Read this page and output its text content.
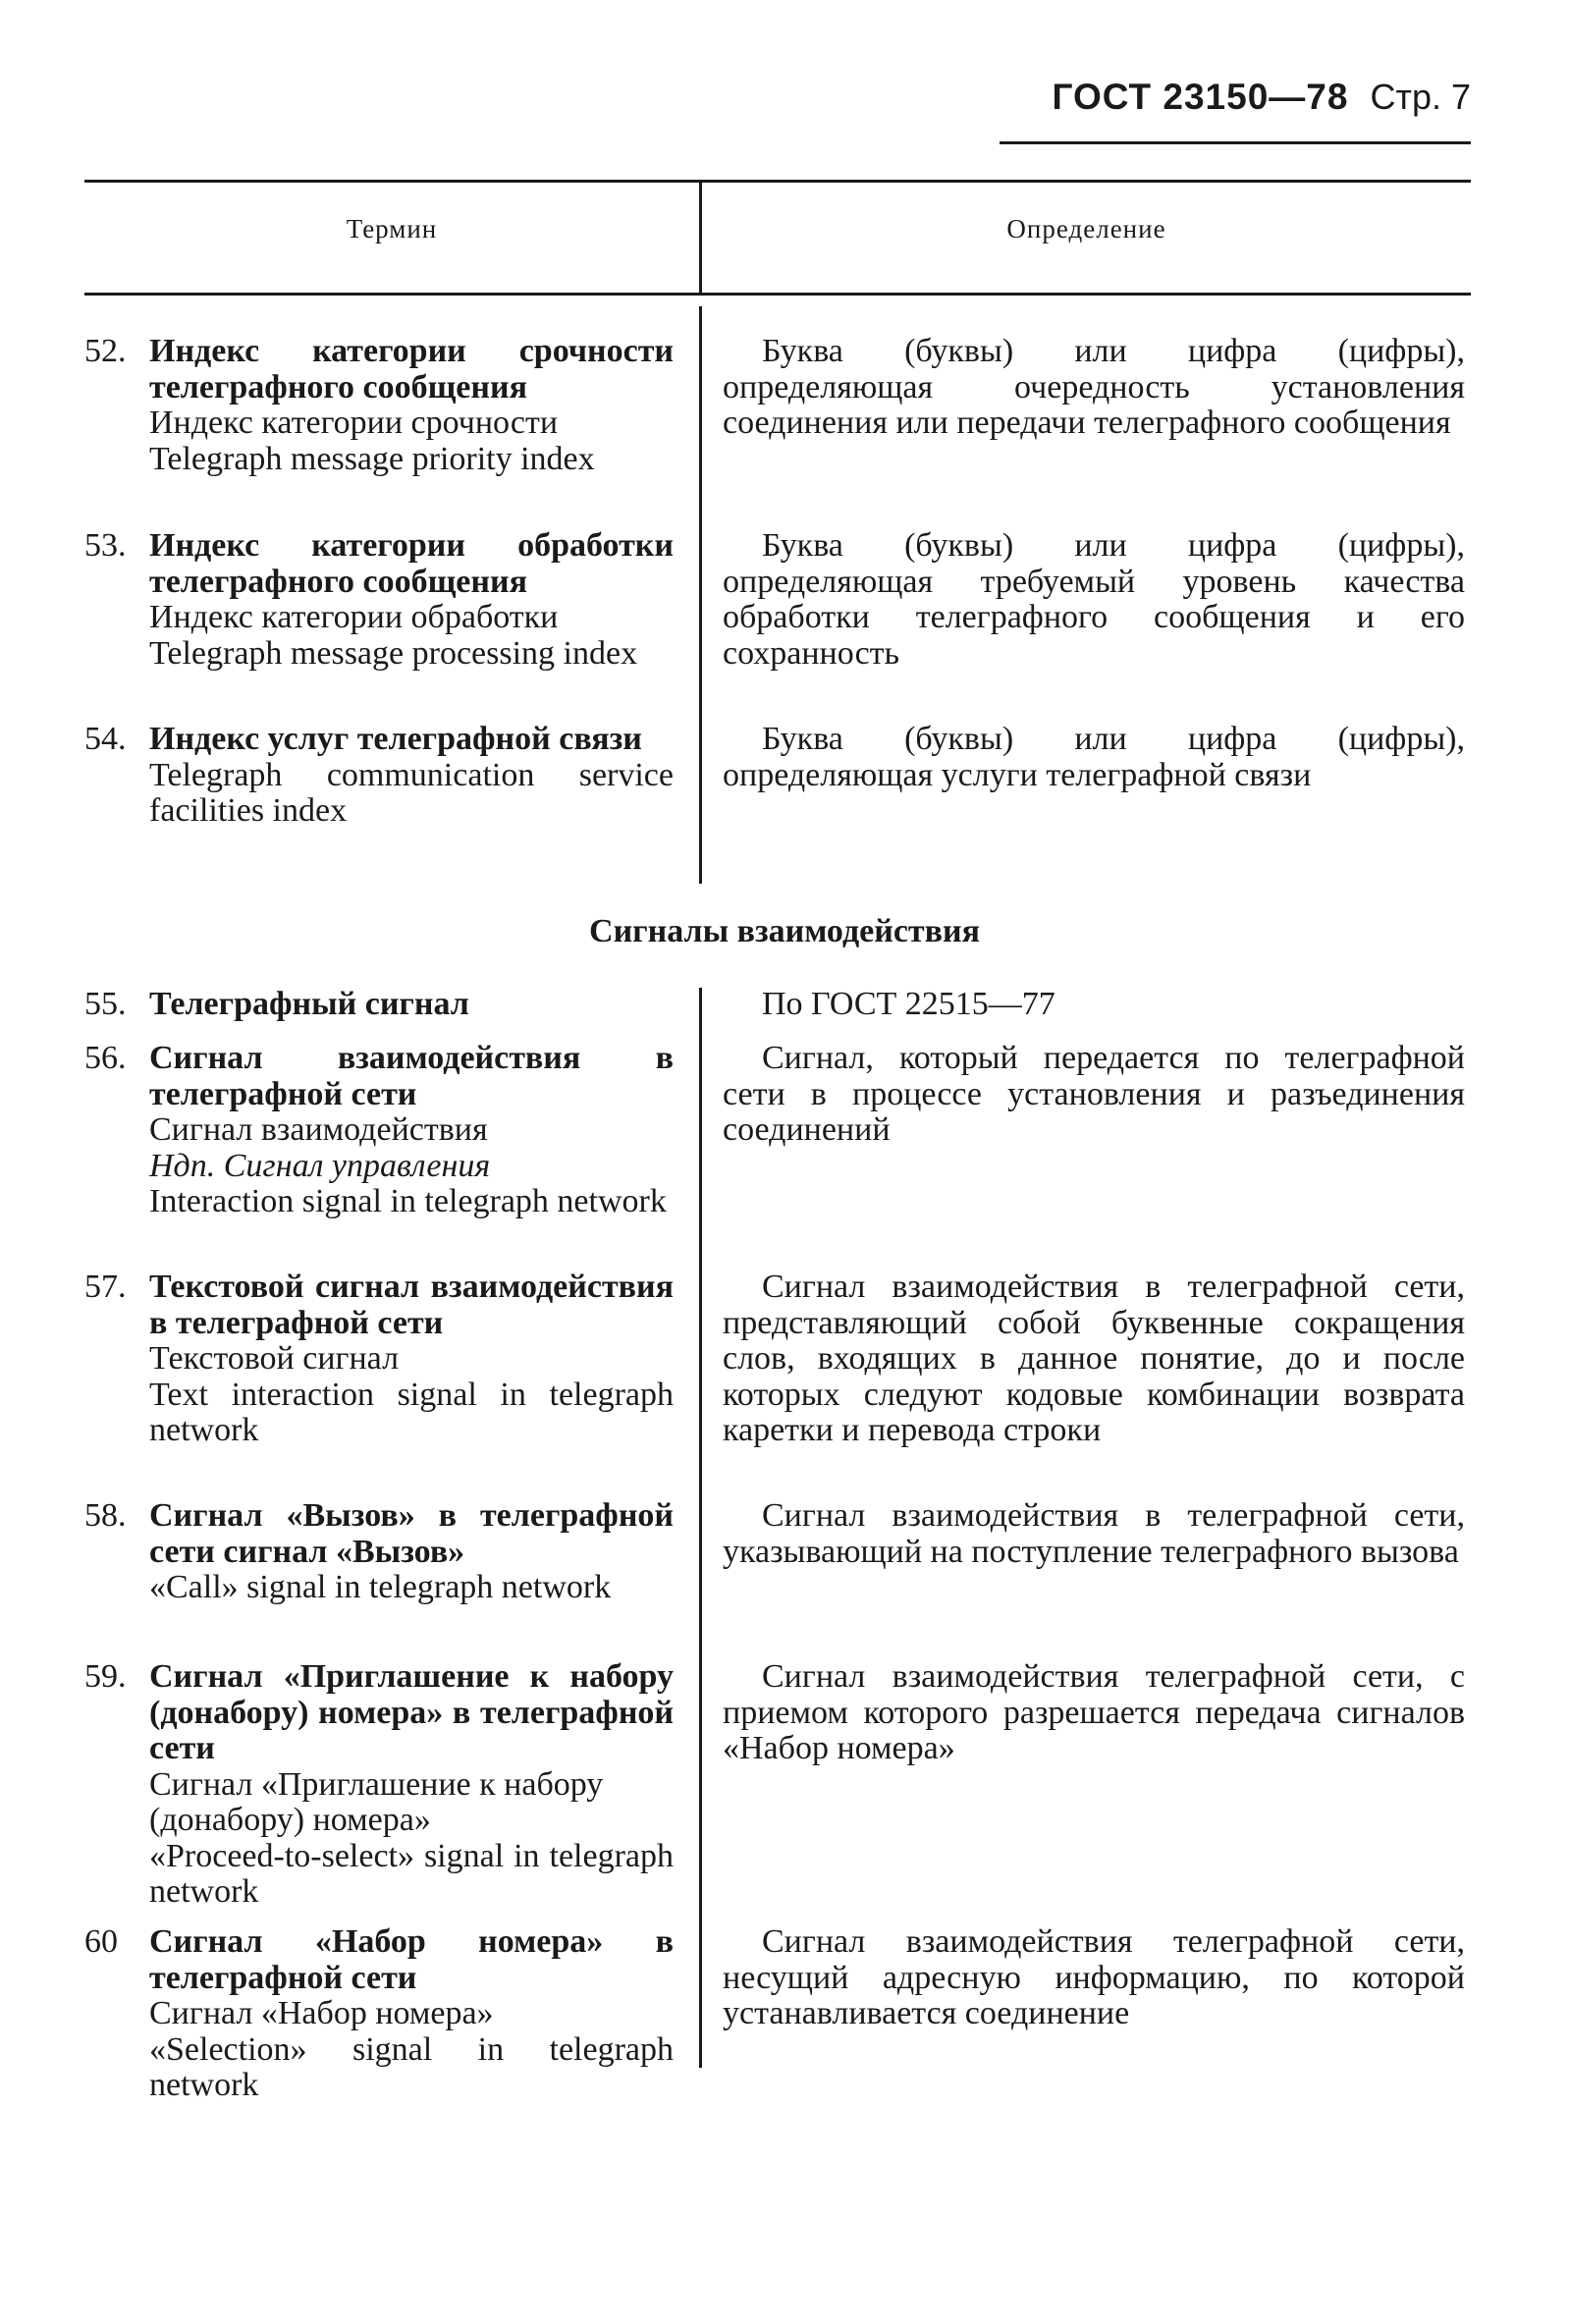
ГОСТ 23150—78 Стр. 7
Термин	Определение
52. Индекс категории срочности телеграфного сообщения
Индекс категории срочности
Telegraph message priority index
Буква (буквы) или цифра (цифры), определяющая очередность установления соединения или передачи телеграфного сообщения
53. Индекс категории обработки телеграфного сообщения
Индекс категории обработки
Telegraph message processing index
Буква (буквы) или цифра (цифры), определяющая требуемый уровень качества обработки телеграфного сообщения и его сохранность
54. Индекс услуг телеграфной связи
Telegraph communication service facilities index
Буква (буквы) или цифра (цифры), определяющая услуги телеграфной связи
Сигналы взаимодействия
55. Телеграфный сигнал	По ГОСТ 22515—77
56. Сигнал взаимодействия в телеграфной сети
Сигнал взаимодействия
Ндп. Сигнал управления
Interaction signal in telegraph network
Сигнал, который передается по телеграфной сети в процессе установления и разъединения соединений
57. Текстовой сигнал взаимодействия в телеграфной сети
Текстовой сигнал
Text interaction signal in telegraph network
Сигнал взаимодействия в телеграфной сети, представляющий собой буквенные сокращения слов, входящих в данное понятие, до и после которых следуют кодовые комбинации возврата каретки и перевода строки
58. Сигнал «Вызов» в телеграфной сети сигнал «Вызов»
«Call» signal in telegraph network
Сигнал взаимодействия в телеграфной сети, указывающий на поступление телеграфного вызова
59. Сигнал «Приглашение к набору (донабору) номера» в телеграфной сети
Сигнал «Приглашение к набору (донабору) номера»
«Proceed-to-select» signal in telegraph network
Сигнал взаимодействия телеграфной сети, с приемом которого разрешается передача сигналов «Набор номера»
60 Сигнал «Набор номера» в телеграфной сети
Сигнал «Набор номера»
«Selection» signal in telegraph network
Сигнал взаимодействия телеграфной сети, несущий адресную информацию, по которой устанавливается соединение
